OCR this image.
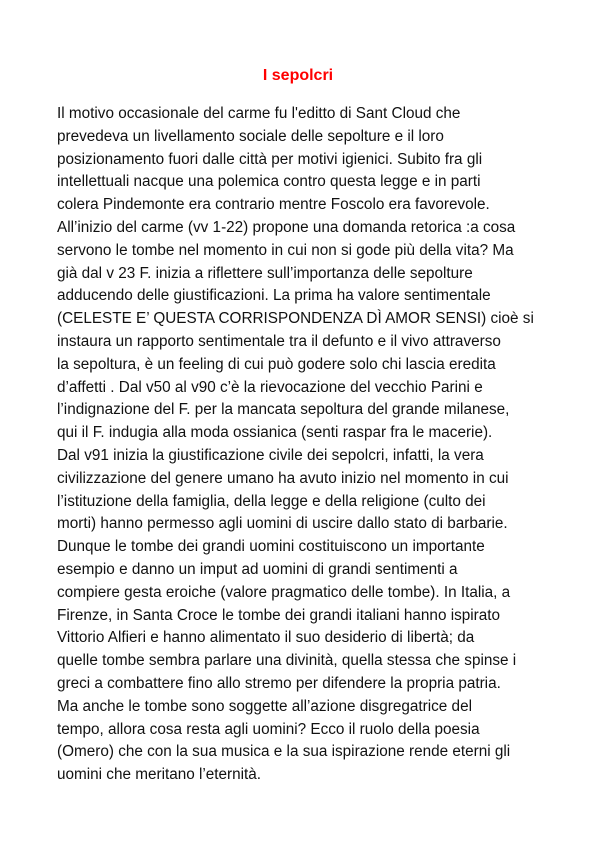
I sepolcri
Il motivo occasionale del carme fu l'editto di Sant Cloud che
prevedeva un livellamento sociale delle sepolture e il loro
posizionamento fuori dalle città per motivi igienici. Subito fra gli
intellettuali nacque una polemica contro questa legge e in parti
colera Pindemonte era contrario mentre Foscolo era favorevole.
All’inizio del carme (vv 1-22) propone una domanda retorica :a cosa
servono le tombe nel momento in cui non si gode più della vita? Ma
già dal v 23 F. inizia a riflettere sull’importanza delle sepolture
adducendo delle giustificazioni. La prima ha valore sentimentale
(CELESTE E’ QUESTA CORRISPONDENZA DÌ AMOR SENSI) cioè si
instaura un rapporto sentimentale tra il defunto e il vivo attraverso
la sepoltura, è un feeling di cui può godere solo chi lascia eredita
d’affetti . Dal v50 al v90 c’è la rievocazione del vecchio Parini e
l’indignazione del F. per la mancata sepoltura del grande milanese,
qui il F. indugia alla moda ossianica (senti raspar fra le macerie).
Dal v91 inizia la giustificazione civile dei sepolcri, infatti, la vera
civilizzazione del genere umano ha avuto inizio nel momento in cui
l’istituzione della famiglia, della legge e della religione (culto dei
morti) hanno permesso agli uomini di uscire dallo stato di barbarie.
Dunque le tombe dei grandi uomini costituiscono un importante
esempio e danno un imput ad uomini di grandi sentimenti a
compiere gesta eroiche (valore pragmatico delle tombe). In Italia, a
Firenze, in Santa Croce le tombe dei grandi italiani hanno ispirato
Vittorio Alfieri e hanno alimentato il suo desiderio di libertà; da
quelle tombe sembra parlare una divinità, quella stessa che spinse i
greci a combattere fino allo stremo per difendere la propria patria.
Ma anche le tombe sono soggette all’azione disgregatrice del
tempo, allora cosa resta agli uomini? Ecco il ruolo della poesia
(Omero) che con la sua musica e la sua ispirazione rende eterni gli
uomini che meritano l’eternità.
